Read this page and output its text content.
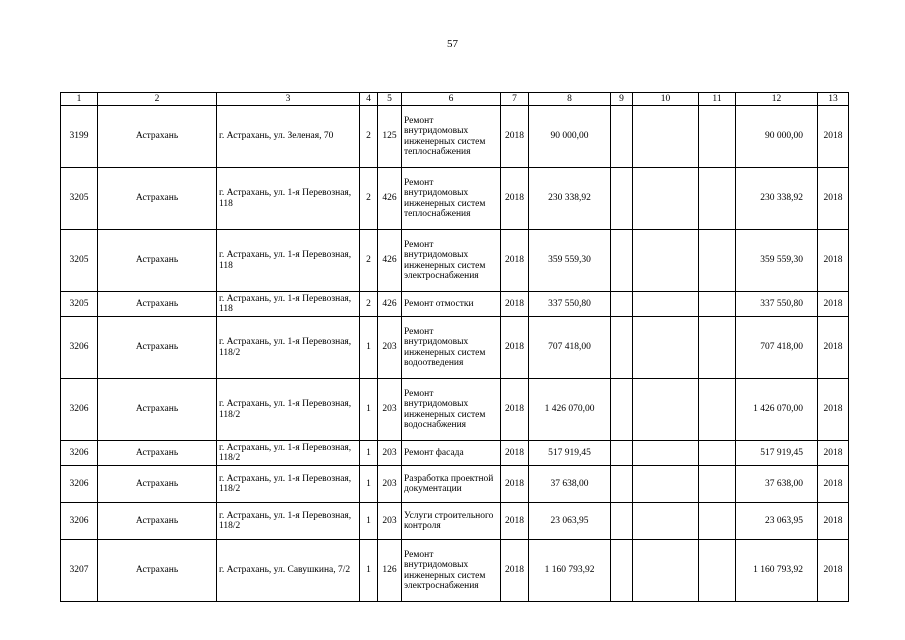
57
1	2	3	4	5	6	7	8	9	10	11	12	13
3199	Астрахань	г. Астрахань, ул. Зеленая, 70	2	125	Ремонт внутридомовых инженерных систем теплоснабжения	2018	90 000,00				90 000,00	2018
3205	Астрахань	г. Астрахань, ул. 1-я Перевозная, 118	2	426	Ремонт внутридомовых инженерных систем теплоснабжения	2018	230 338,92				230 338,92	2018
3205	Астрахань	г. Астрахань, ул. 1-я Перевозная, 118	2	426	Ремонт внутридомовых инженерных систем электроснабжения	2018	359 559,30				359 559,30	2018
3205	Астрахань	г. Астрахань, ул. 1-я Перевозная, 118	2	426	Ремонт отмостки	2018	337 550,80				337 550,80	2018
3206	Астрахань	г. Астрахань, ул. 1-я Перевозная, 118/2	1	203	Ремонт внутридомовых инженерных систем водоотведения	2018	707 418,00				707 418,00	2018
3206	Астрахань	г. Астрахань, ул. 1-я Перевозная, 118/2	1	203	Ремонт внутридомовых инженерных систем водоснабжения	2018	1 426 070,00				1 426 070,00	2018
3206	Астрахань	г. Астрахань, ул. 1-я Перевозная, 118/2	1	203	Ремонт фасада	2018	517 919,45				517 919,45	2018
3206	Астрахань	г. Астрахань, ул. 1-я Перевозная, 118/2	1	203	Разработка проектной документации	2018	37 638,00				37 638,00	2018
3206	Астрахань	г. Астрахань, ул. 1-я Перевозная, 118/2	1	203	Услуги строительного контроля	2018	23 063,95				23 063,95	2018
3207	Астрахань	г. Астрахань, ул. Савушкина, 7/2	1	126	Ремонт внутридомовых инженерных систем электроснабжения	2018	1 160 793,92				1 160 793,92	2018
